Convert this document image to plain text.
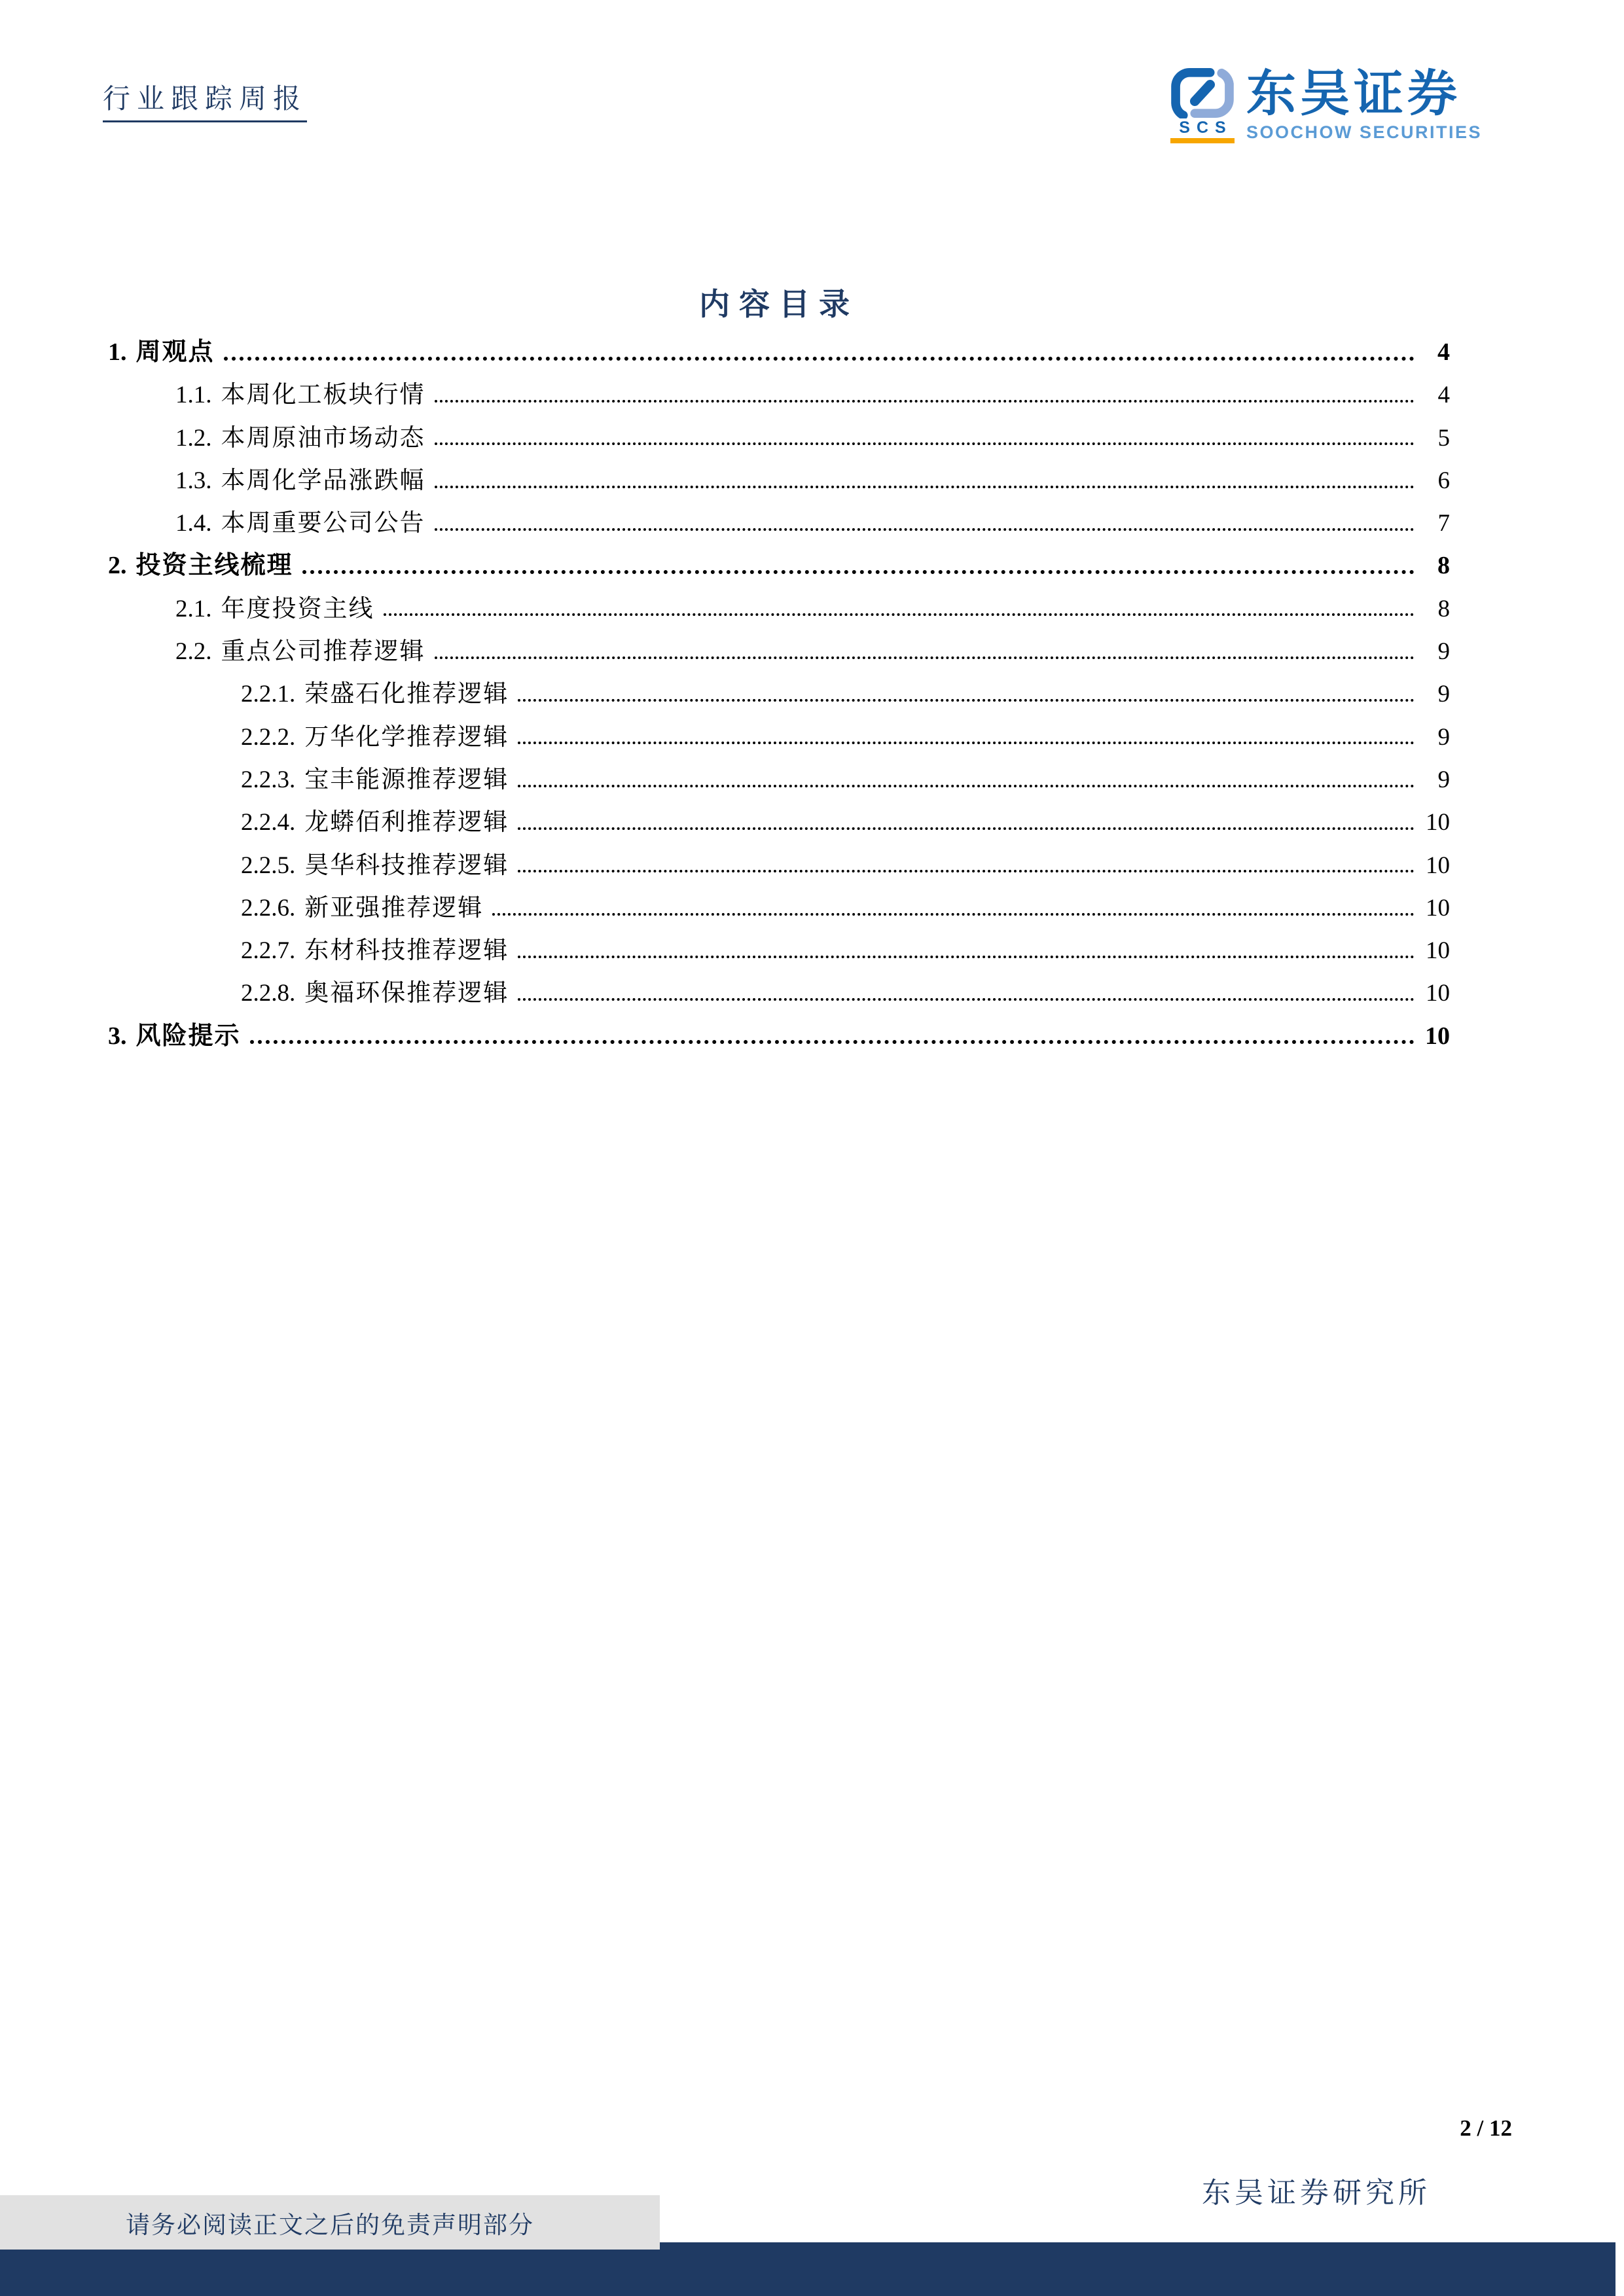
行业跟踪周报
SCS
东吴证券
SOOCHOW SECURITIES
内容目录
1. 周观点	4
1.1. 本周化工板块行情	4
1.2. 本周原油市场动态	5
1.3. 本周化学品涨跌幅	6
1.4. 本周重要公司公告	7
2. 投资主线梳理	8
2.1. 年度投资主线	8
2.2. 重点公司推荐逻辑	9
2.2.1. 荣盛石化推荐逻辑	9
2.2.2. 万华化学推荐逻辑	9
2.2.3. 宝丰能源推荐逻辑	9
2.2.4. 龙蟒佰利推荐逻辑	10
2.2.5. 昊华科技推荐逻辑	10
2.2.6. 新亚强推荐逻辑	10
2.2.7. 东材科技推荐逻辑	10
2.2.8. 奥福环保推荐逻辑	10
3. 风险提示	10
2 / 12
东吴证券研究所
请务必阅读正文之后的免责声明部分
